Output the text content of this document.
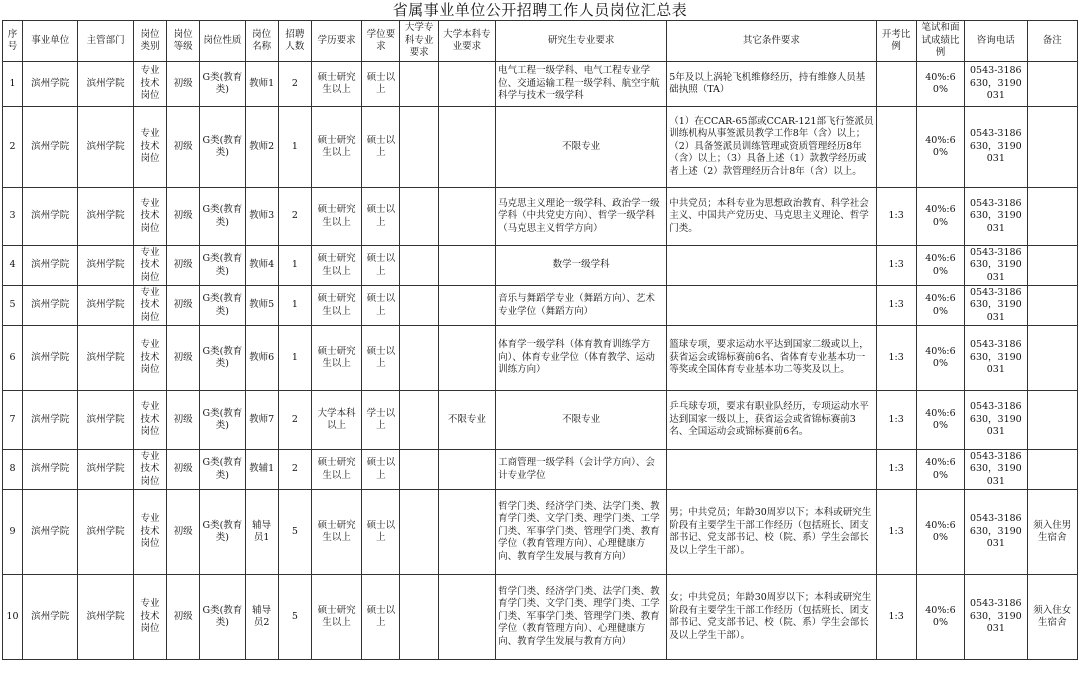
省属事业单位公开招聘工作人员岗位汇总表
序号	事业单位	主管部门	岗位类别	岗位等级	岗位性质	岗位名称	招聘人数	学历要求	学位要求	大学专科专业要求	大学本科专业要求	研究生专业要求	其它条件要求	开考比例	笔试和面试成绩比例	咨询电话	备注
1	滨州学院	滨州学院	专业技术岗位	初级	G类(教育类)	教师1	2	硕士研究生以上	硕士以上			电气工程一级学科、电气工程专业学位、交通运输工程一级学科、航空宇航科学与技术一级学科	5年及以上涡轮飞机维修经历，持有维修人员基础执照（TA）		40%:60%	0543-3186630，3190031	
2	滨州学院	滨州学院	专业技术岗位	初级	G类(教育类)	教师2	1	硕士研究生以上	硕士以上			不限专业	（1）在CCAR-65部或CCAR-121部飞行签派员训练机构从事签派员教学工作8年（含）以上；（2）具备签派员训练管理或资质管理经历8年（含）以上；（3）具备上述（1）款教学经历或者上述（2）款管理经历合计8年（含）以上。		40%:60%	0543-3186630，3190031	
3	滨州学院	滨州学院	专业技术岗位	初级	G类(教育类)	教师3	2	硕士研究生以上	硕士以上			马克思主义理论一级学科、政治学一级学科（中共党史方向）、哲学一级学科（马克思主义哲学方向）	中共党员；本科专业为思想政治教育、科学社会主义、中国共产党历史、马克思主义理论、哲学门类。	1:3	40%:60%	0543-3186630，3190031	
4	滨州学院	滨州学院	专业技术岗位	初级	G类(教育类)	教师4	1	硕士研究生以上	硕士以上			数学一级学科		1:3	40%:60%	0543-3186630，3190031	
5	滨州学院	滨州学院	专业技术岗位	初级	G类(教育类)	教师5	1	硕士研究生以上	硕士以上			音乐与舞蹈学专业（舞蹈方向）、艺术专业学位（舞蹈方向）		1:3	40%:60%	0543-3186630，3190031	
6	滨州学院	滨州学院	专业技术岗位	初级	G类(教育类)	教师6	1	硕士研究生以上	硕士以上			体育学一级学科（体育教育训练学方向）、体育专业学位（体育教学、运动训练方向）	篮球专项，要求运动水平达到国家二级或以上，获省运会或锦标赛前6名、省体育专业基本功一等奖或全国体育专业基本功二等奖及以上。	1:3	40%:60%	0543-3186630，3190031	
7	滨州学院	滨州学院	专业技术岗位	初级	G类(教育类)	教师7	2	大学本科以上	学士以上		不限专业	不限专业	乒乓球专项，要求有职业队经历，专项运动水平达到国家一级以上，获省运会或省锦标赛前3名、全国运动会或锦标赛前6名。	1:3	40%:60%	0543-3186630，3190031	
8	滨州学院	滨州学院	专业技术岗位	初级	G类(教育类)	教辅1	2	硕士研究生以上	硕士以上			工商管理一级学科（会计学方向）、会计专业学位		1:3	40%:60%	0543-3186630，3190031	
9	滨州学院	滨州学院	专业技术岗位	初级	G类(教育类)	辅导员1	5	硕士研究生以上	硕士以上			哲学门类、经济学门类、法学门类、教育学门类、文学门类、理学门类、工学门类、军事学门类、管理学门类、教育学位（教育管理方向）、心理健康方向、教育学生发展与教育方向）	男；中共党员；年龄30周岁以下；本科或研究生阶段有主要学生干部工作经历（包括班长、团支部书记、党支部书记、校（院、系）学生会部长及以上学生干部）。	1:3	40%:60%	0543-3186630，3190031	须入住男生宿舍
10	滨州学院	滨州学院	专业技术岗位	初级	G类(教育类)	辅导员2	5	硕士研究生以上	硕士以上			哲学门类、经济学门类、法学门类、教育学门类、文学门类、理学门类、工学门类、军事学门类、管理学门类、教育学位（教育管理方向）、心理健康方向、教育学生发展与教育方向）	女；中共党员；年龄30周岁以下；本科或研究生阶段有主要学生干部工作经历（包括班长、团支部书记、党支部书记、校（院、系）学生会部长及以上学生干部）。	1:3	40%:60%	0543-3186630，3190031	须入住女生宿舍
